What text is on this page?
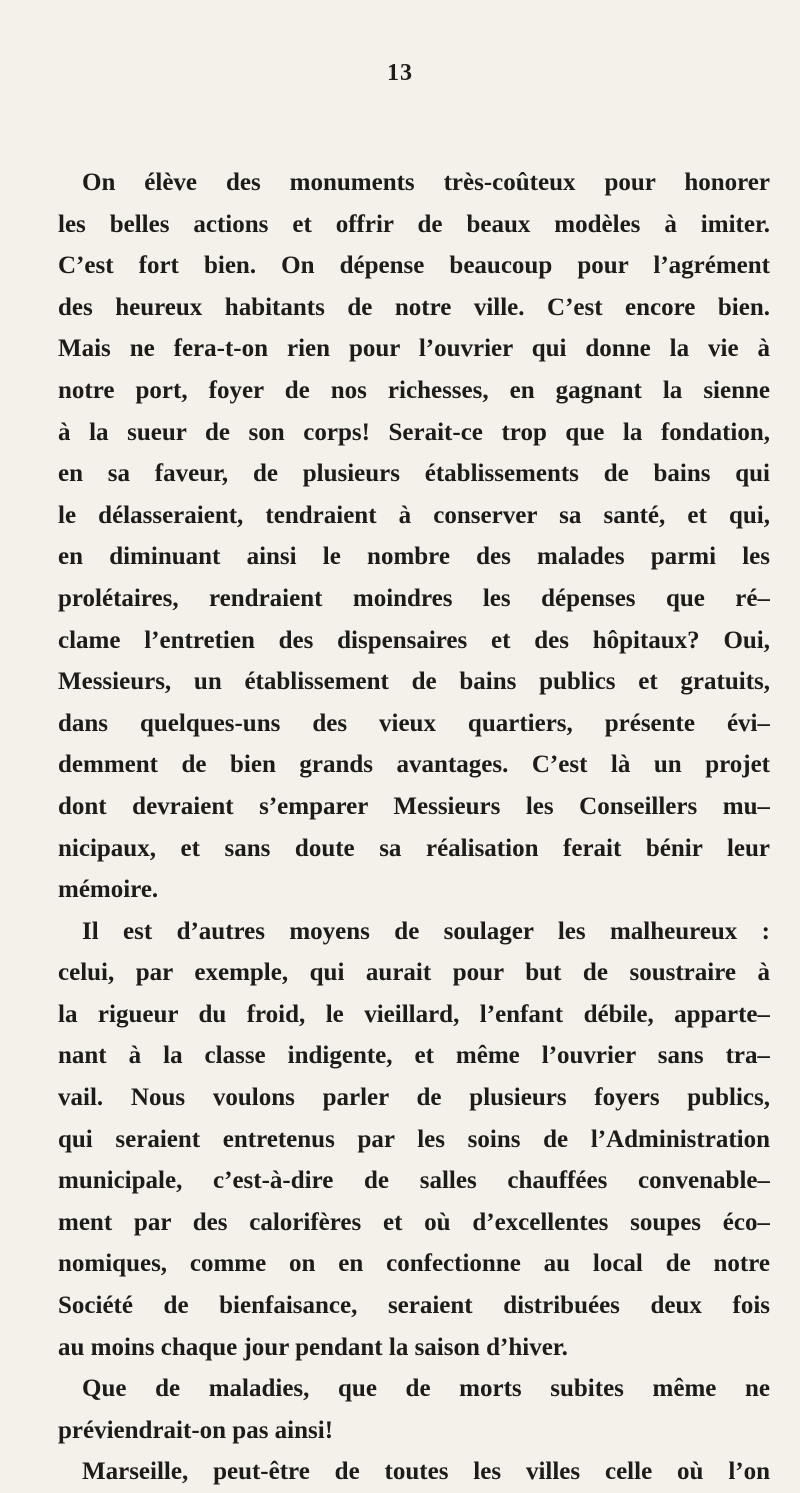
13
On élève des monuments très-coûteux pour honorer
les belles actions et offrir de beaux modèles à imiter.
C’est fort bien. On dépense beaucoup pour l’agrément
des heureux habitants de notre ville. C’est encore bien.
Mais ne fera-t-on rien pour l’ouvrier qui donne la vie à
notre port, foyer de nos richesses, en gagnant la sienne
à la sueur de son corps! Serait-ce trop que la fondation,
en sa faveur, de plusieurs établissements de bains qui
le délasseraient, tendraient à conserver sa santé, et qui,
en diminuant ainsi le nombre des malades parmi les
prolétaires, rendraient moindres les dépenses que ré–
clame l’entretien des dispensaires et des hôpitaux? Oui,
Messieurs, un établissement de bains publics et gratuits,
dans quelques-uns des vieux quartiers, présente évi–
demment de bien grands avantages. C’est là un projet
dont devraient s’emparer Messieurs les Conseillers mu–
nicipaux, et sans doute sa réalisation ferait bénir leur
mémoire.
Il est d’autres moyens de soulager les malheureux :
celui, par exemple, qui aurait pour but de soustraire à
la rigueur du froid, le vieillard, l’enfant débile, apparte–
nant à la classe indigente, et même l’ouvrier sans tra–
vail. Nous voulons parler de plusieurs foyers publics,
qui seraient entretenus par les soins de l’Administration
municipale, c’est-à-dire de salles chauffées convenable–
ment par des calorifères et où d’excellentes soupes éco–
nomiques, comme on en confectionne au local de notre
Société de bienfaisance, seraient distribuées deux fois
au moins chaque jour pendant la saison d’hiver.
Que de maladies, que de morts subites même ne
préviendrait-on pas ainsi!
Marseille, peut-être de toutes les villes celle où l’on
